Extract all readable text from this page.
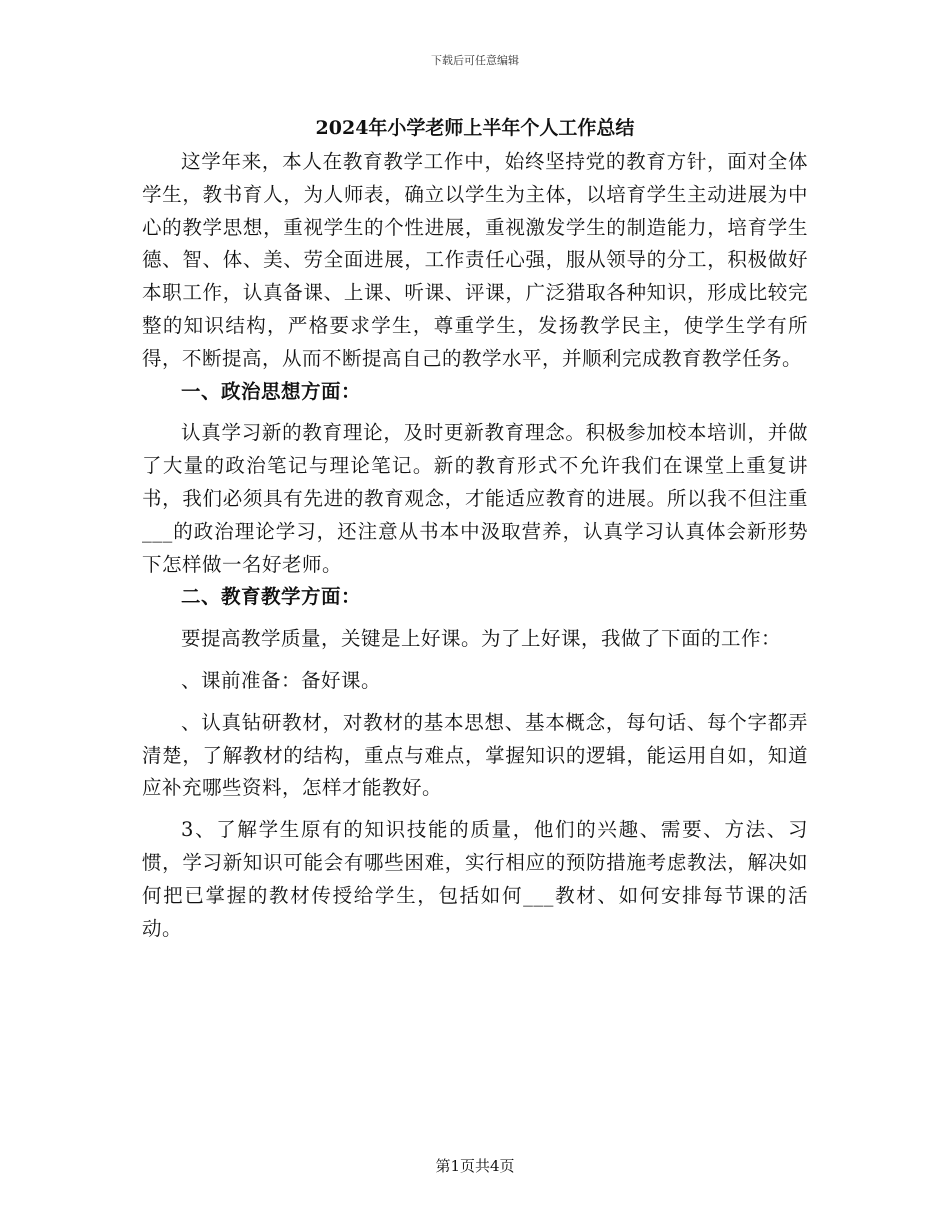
下载后可任意编辑
2024年小学老师上半年个人工作总结

这学年来，本人在教育教学工作中，始终坚持党的教育方针，面对全体学生，教书育人，为人师表，确立以学生为主体，以培育学生主动进展为中心的教学思想，重视学生的个性进展，重视激发学生的制造能力，培育学生德、智、体、美、劳全面进展，工作责任心强，服从领导的分工，积极做好本职工作，认真备课、上课、听课、评课，广泛猎取各种知识，形成比较完整的知识结构，严格要求学生，尊重学生，发扬教学民主，使学生学有所得，不断提高，从而不断提高自己的教学水平，并顺利完成教育教学任务。

一、政治思想方面：

认真学习新的教育理论，及时更新教育理念。积极参加校本培训，并做了大量的政治笔记与理论笔记。新的教育形式不允许我们在课堂上重复讲书，我们必须具有先进的教育观念，才能适应教育的进展。所以我不但注重___的政治理论学习，还注意从书本中汲取营养，认真学习认真体会新形势下怎样做一名好老师。

二、教育教学方面：

要提高教学质量，关键是上好课。为了上好课，我做了下面的工作：

、课前准备：备好课。

、认真钻研教材，对教材的基本思想、基本概念，每句话、每个字都弄清楚，了解教材的结构，重点与难点，掌握知识的逻辑，能运用自如，知道应补充哪些资料，怎样才能教好。

3、了解学生原有的知识技能的质量，他们的兴趣、需要、方法、习惯，学习新知识可能会有哪些困难，实行相应的预防措施考虑教法，解决如何把已掌握的教材传授给学生，包括如何___教材、如何安排每节课的活动。

第1页共4页
